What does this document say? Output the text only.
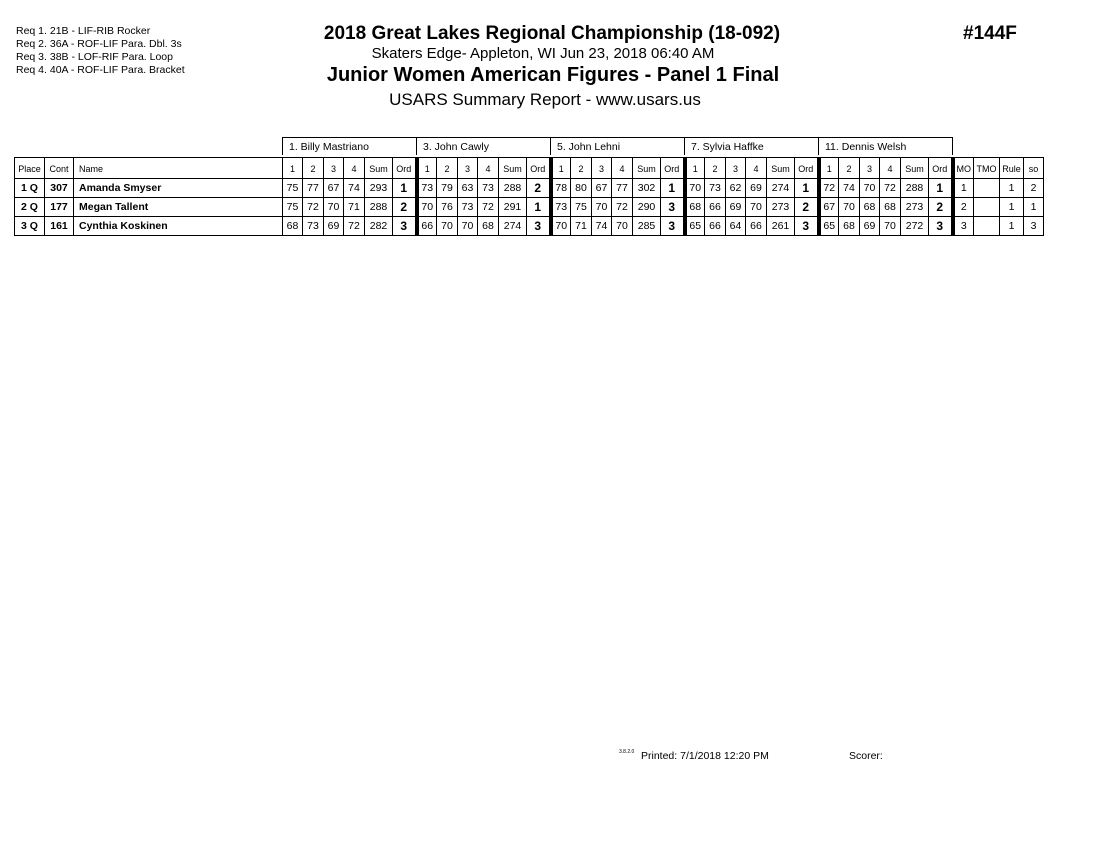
Req 1. 21B - LIF-RIB Rocker
Req 2. 36A - ROF-LIF Para. Dbl. 3s
Req 3. 38B - LOF-RIF Para. Loop
Req 4. 40A - ROF-LIF Para. Bracket
2018 Great Lakes Regional Championship (18-092)
Skaters Edge- Appleton, WI Jun 23, 2018 06:40 AM
Junior Women American Figures - Panel 1 Final
USARS Summary Report - www.usars.us
#144F
			1. Billy Mastriano						3. John Cawly						5. John Lehni						7. Sylvia Haffke						11. Dennis Welsh									

Place	Cont	Name	1	2	3	4	Sum	Ord	1	2	3	4	Sum	Ord	1	2	3	4	Sum	Ord	1	2	3	4	Sum	Ord	1	2	3	4	Sum	Ord	MO	TMO	Rule	so
1 Q	307	Amanda Smyser	75	77	67	74	293	1	73	79	63	73	288	2	78	80	67	77	302	1	70	73	62	69	274	1	72	74	70	72	288	1	1		1	2
2 Q	177	Megan Tallent	75	72	70	71	288	2	70	76	73	72	291	1	73	75	70	72	290	3	68	66	69	70	273	2	67	70	68	68	273	2	2		1	1
3 Q	161	Cynthia Koskinen	68	73	69	72	282	3	66	70	70	68	274	3	70	71	74	70	285	3	65	66	64	66	261	3	65	68	69	70	272	3	3		1	3
3.8.2.0 Printed: 7/1/2018 12:20 PM	Scorer:
